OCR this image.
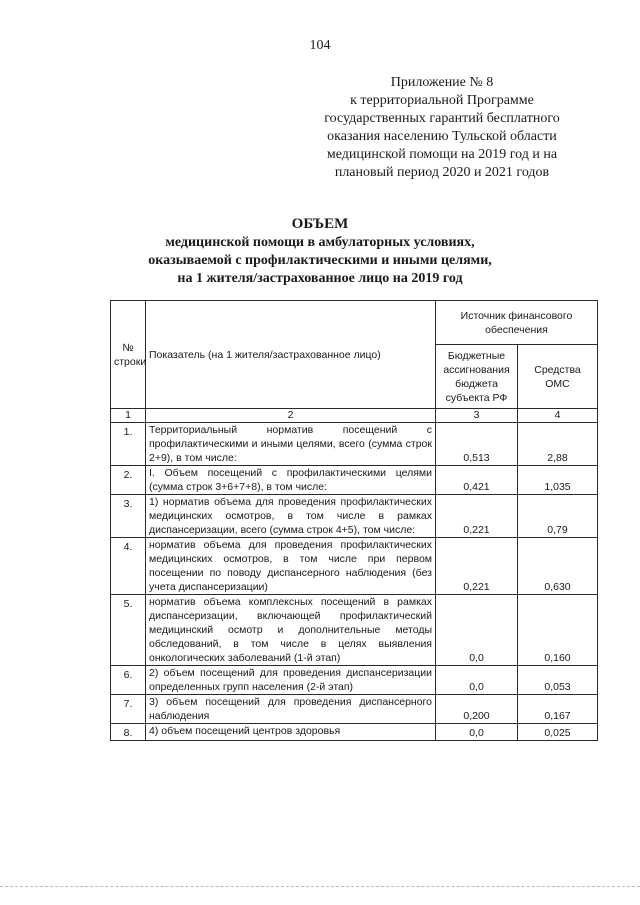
104
Приложение № 8
к территориальной Программе
государственных гарантий бесплатного
оказания населению Тульской области
медицинской помощи на 2019 год и на
плановый период 2020 и 2021 годов
ОБЪЕМ
медицинской помощи в амбулаторных условиях,
оказываемой с профилактическими и иными целями,
на 1 жителя/застрахованное лицо на 2019 год
№ строки	Показатель (на 1 жителя/застрахованное лицо)	Источник финансового обеспечения	
		Бюджетные ассигнования бюджета субъекта РФ	Средства ОМС
1	2	3	4
1.	Территориальный норматив посещений с профилактическими и иными целями, всего (сумма строк 2+9), в том числе:	0,513	2,88
2.	I. Объем посещений с профилактическими целями (сумма строк 3+6+7+8), в том числе:	0,421	1,035
3.	1) норматив объема для проведения профилактических медицинских осмотров, в том числе в рамках диспансеризации, всего (сумма строк 4+5), том числе:	0,221	0,79
4.	норматив объема для проведения профилактических медицинских осмотров, в том числе при первом посещении по поводу диспансерного наблюдения (без учета диспансеризации)	0,221	0,630
5.	норматив объема комплексных посещений в рамках диспансеризации, включающей профилактический медицинский осмотр и дополнительные методы обследований, в том числе в целях выявления онкологических заболеваний (1-й этап)	0,0	0,160
6.	2) объем посещений для проведения диспансеризации определенных групп населения (2-й этап)	0,0	0,053
7.	3) объем посещений для проведения диспансерного наблюдения	0,200	0,167
8.	4) объем посещений центров здоровья	0,0	0,025
